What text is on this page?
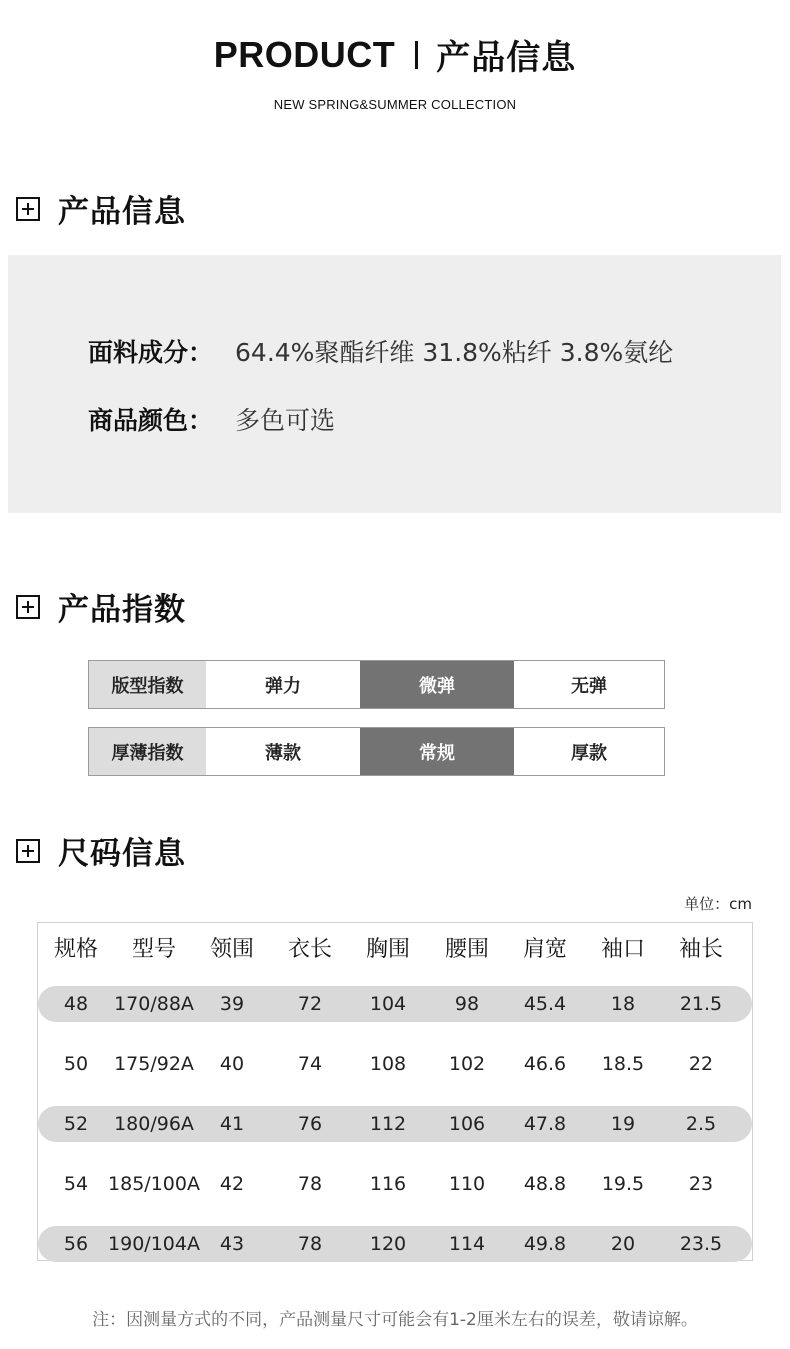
PRODUCT 产品信息
NEW SPRING&SUMMER COLLECTION
产品信息
面料成分： 64.4%聚酯纤维 31.8%粘纤 3.8%氨纶
商品颜色： 多色可选
产品指数
版型指数	弹力	微弹	无弹
厚薄指数	薄款	常规	厚款
尺码信息
单位：cm
规格	型号	领围	衣长	胸围	腰围	肩宽	袖口	袖长
48	170/88A	39	72	104	98	45.4	18	21.5
50	175/92A	40	74	108	102	46.6	18.5	22
52	180/96A	41	76	112	106	47.8	19	2.5
54	185/100A	42	78	116	110	48.8	19.5	23
56	190/104A	43	78	120	114	49.8	20	23.5
注：因测量方式的不同，产品测量尺寸可能会有1-2厘米左右的误差，敬请谅解。
